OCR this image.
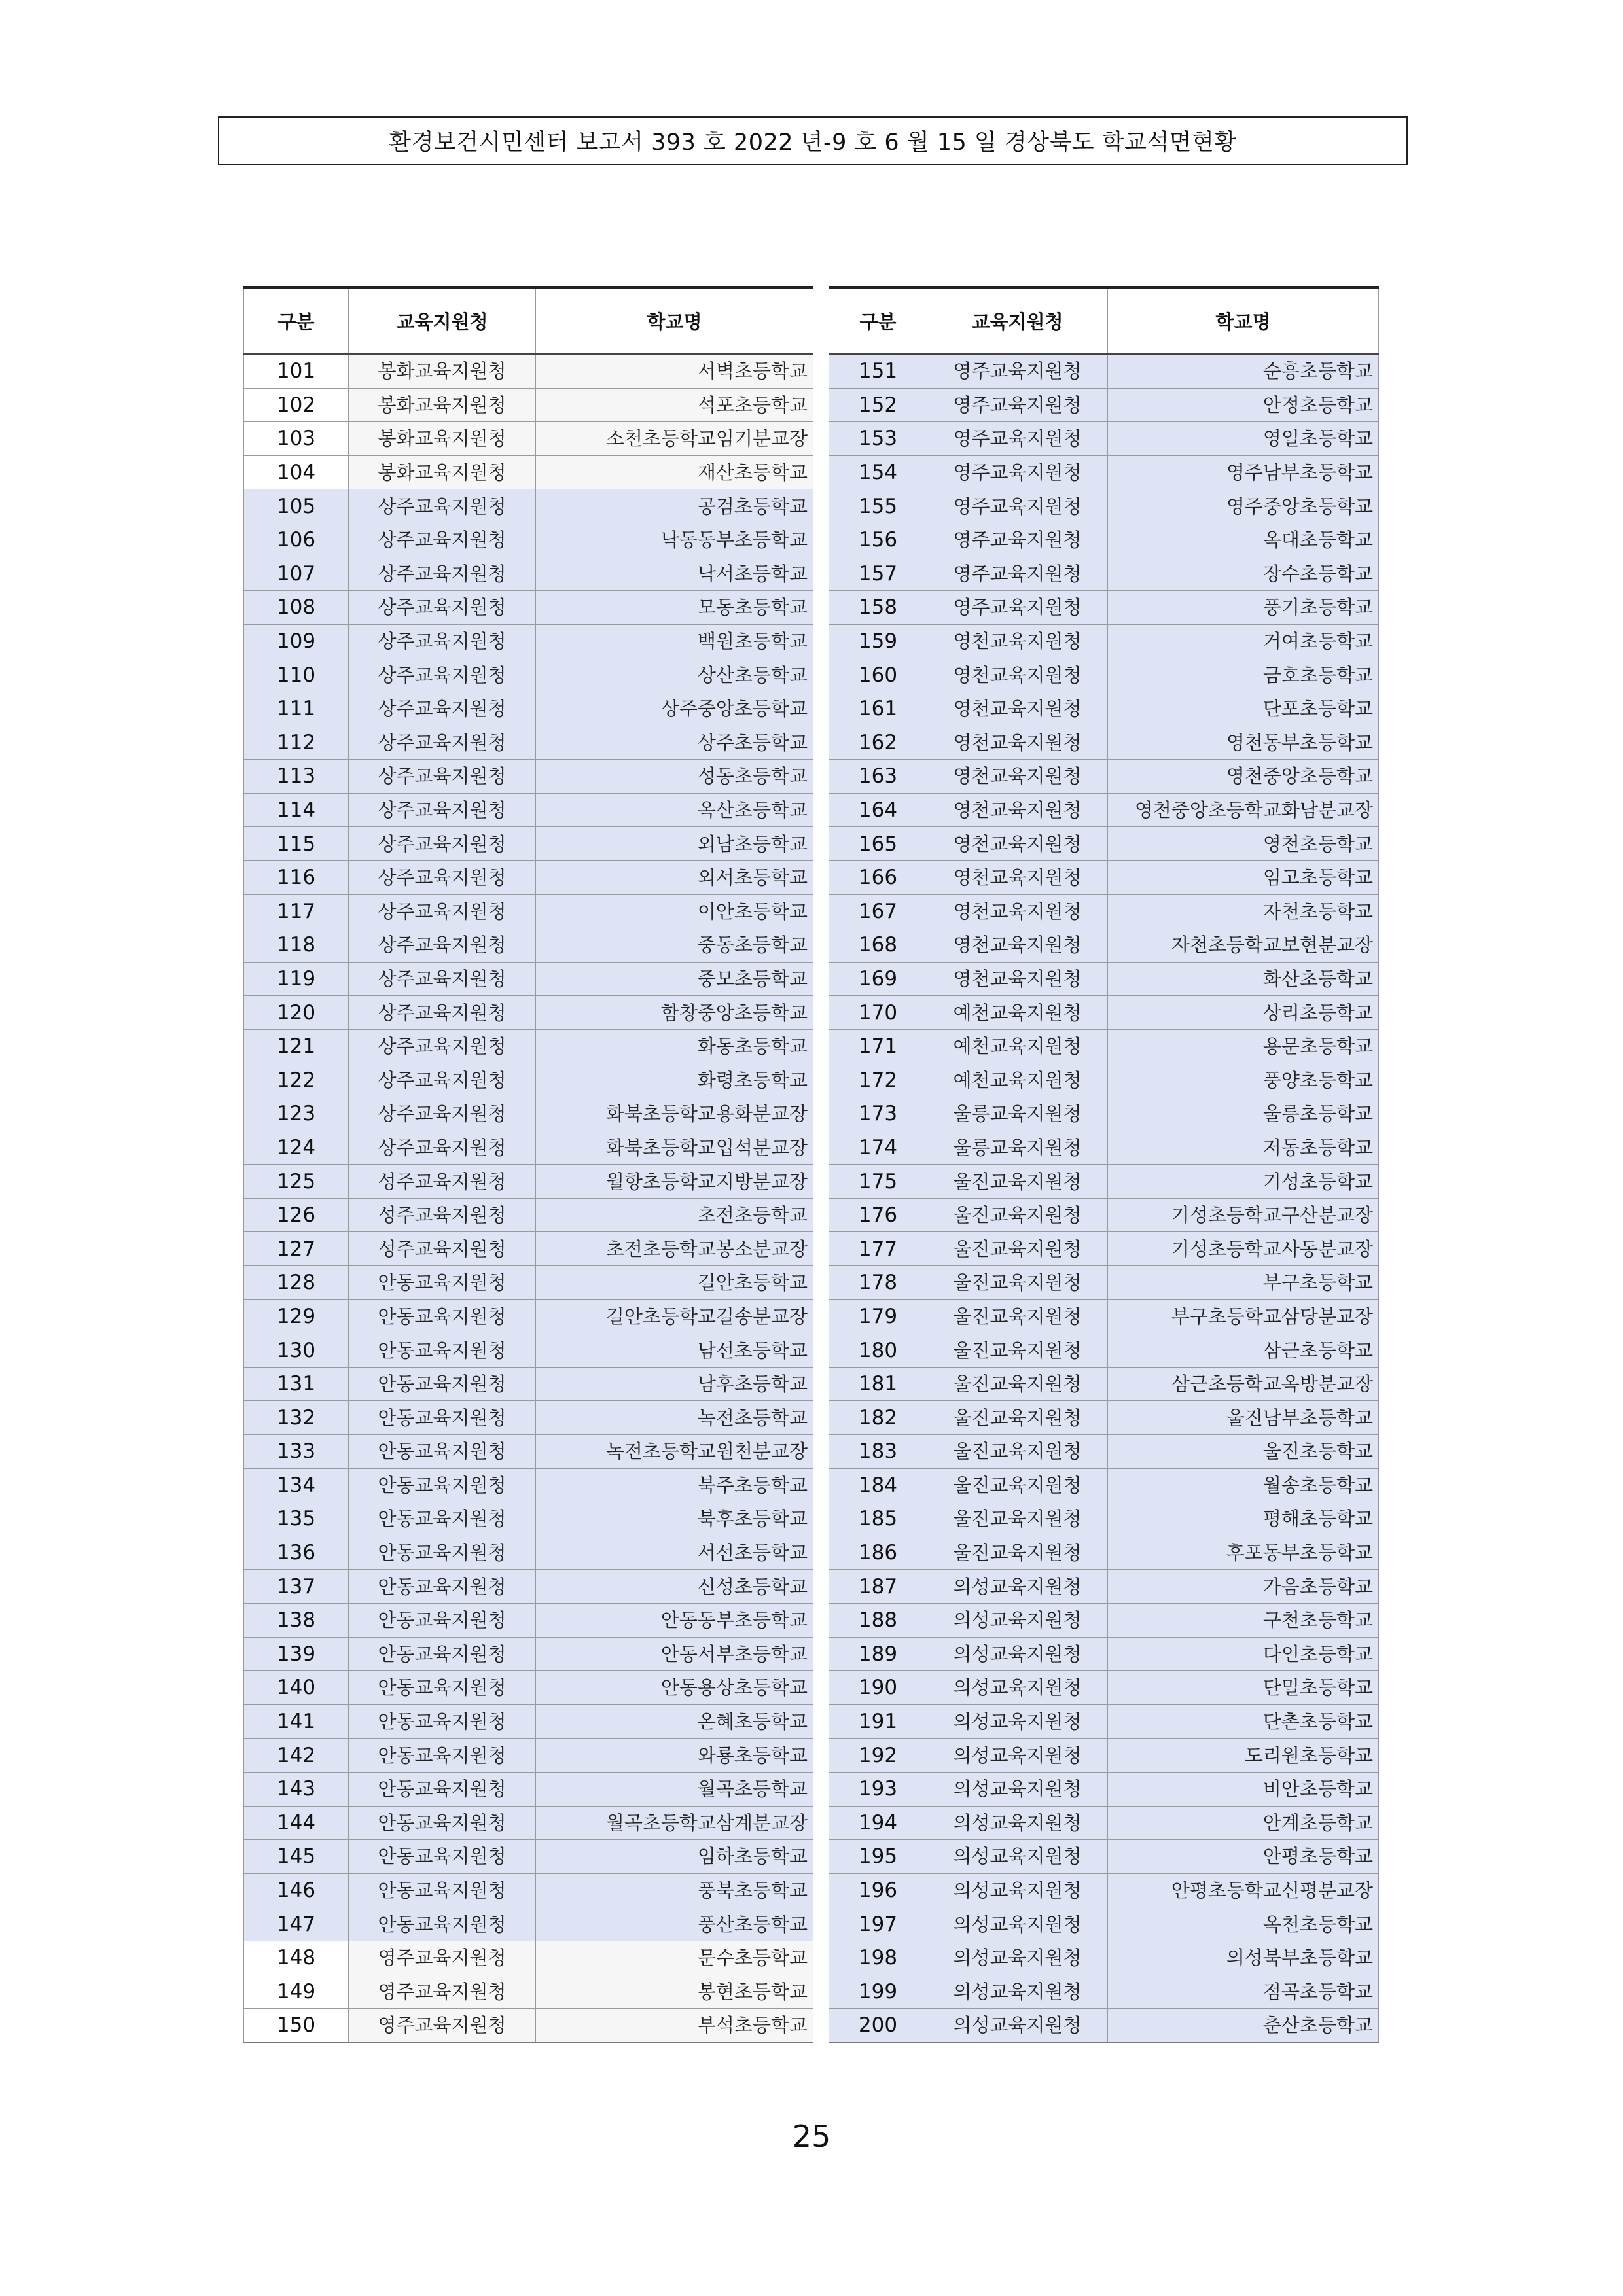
환경보건시민센터 보고서 393 호 2022 년-9 호 6 월 15 일 경상북도 학교석면현황
구분	교육지원청	학교명
101	봉화교육지원청	서벽초등학교
102	봉화교육지원청	석포초등학교
103	봉화교육지원청	소천초등학교임기분교장
104	봉화교육지원청	재산초등학교
105	상주교육지원청	공검초등학교
106	상주교육지원청	낙동동부초등학교
107	상주교육지원청	낙서초등학교
108	상주교육지원청	모동초등학교
109	상주교육지원청	백원초등학교
110	상주교육지원청	상산초등학교
111	상주교육지원청	상주중앙초등학교
112	상주교육지원청	상주초등학교
113	상주교육지원청	성동초등학교
114	상주교육지원청	옥산초등학교
115	상주교육지원청	외남초등학교
116	상주교육지원청	외서초등학교
117	상주교육지원청	이안초등학교
118	상주교육지원청	중동초등학교
119	상주교육지원청	중모초등학교
120	상주교육지원청	함창중앙초등학교
121	상주교육지원청	화동초등학교
122	상주교육지원청	화령초등학교
123	상주교육지원청	화북초등학교용화분교장
124	상주교육지원청	화북초등학교입석분교장
125	성주교육지원청	월항초등학교지방분교장
126	성주교육지원청	초전초등학교
127	성주교육지원청	초전초등학교봉소분교장
128	안동교육지원청	길안초등학교
129	안동교육지원청	길안초등학교길송분교장
130	안동교육지원청	남선초등학교
131	안동교육지원청	남후초등학교
132	안동교육지원청	녹전초등학교
133	안동교육지원청	녹전초등학교원천분교장
134	안동교육지원청	북주초등학교
135	안동교육지원청	북후초등학교
136	안동교육지원청	서선초등학교
137	안동교육지원청	신성초등학교
138	안동교육지원청	안동동부초등학교
139	안동교육지원청	안동서부초등학교
140	안동교육지원청	안동용상초등학교
141	안동교육지원청	온혜초등학교
142	안동교육지원청	와룡초등학교
143	안동교육지원청	월곡초등학교
144	안동교육지원청	월곡초등학교삼계분교장
145	안동교육지원청	임하초등학교
146	안동교육지원청	풍북초등학교
147	안동교육지원청	풍산초등학교
148	영주교육지원청	문수초등학교
149	영주교육지원청	봉현초등학교
150	영주교육지원청	부석초등학교
구분	교육지원청	학교명
151	영주교육지원청	순흥초등학교
152	영주교육지원청	안정초등학교
153	영주교육지원청	영일초등학교
154	영주교육지원청	영주남부초등학교
155	영주교육지원청	영주중앙초등학교
156	영주교육지원청	옥대초등학교
157	영주교육지원청	장수초등학교
158	영주교육지원청	풍기초등학교
159	영천교육지원청	거여초등학교
160	영천교육지원청	금호초등학교
161	영천교육지원청	단포초등학교
162	영천교육지원청	영천동부초등학교
163	영천교육지원청	영천중앙초등학교
164	영천교육지원청	영천중앙초등학교화남분교장
165	영천교육지원청	영천초등학교
166	영천교육지원청	임고초등학교
167	영천교육지원청	자천초등학교
168	영천교육지원청	자천초등학교보현분교장
169	영천교육지원청	화산초등학교
170	예천교육지원청	상리초등학교
171	예천교육지원청	용문초등학교
172	예천교육지원청	풍양초등학교
173	울릉교육지원청	울릉초등학교
174	울릉교육지원청	저동초등학교
175	울진교육지원청	기성초등학교
176	울진교육지원청	기성초등학교구산분교장
177	울진교육지원청	기성초등학교사동분교장
178	울진교육지원청	부구초등학교
179	울진교육지원청	부구초등학교삼당분교장
180	울진교육지원청	삼근초등학교
181	울진교육지원청	삼근초등학교옥방분교장
182	울진교육지원청	울진남부초등학교
183	울진교육지원청	울진초등학교
184	울진교육지원청	월송초등학교
185	울진교육지원청	평해초등학교
186	울진교육지원청	후포동부초등학교
187	의성교육지원청	가음초등학교
188	의성교육지원청	구천초등학교
189	의성교육지원청	다인초등학교
190	의성교육지원청	단밀초등학교
191	의성교육지원청	단촌초등학교
192	의성교육지원청	도리원초등학교
193	의성교육지원청	비안초등학교
194	의성교육지원청	안계초등학교
195	의성교육지원청	안평초등학교
196	의성교육지원청	안평초등학교신평분교장
197	의성교육지원청	옥천초등학교
198	의성교육지원청	의성북부초등학교
199	의성교육지원청	점곡초등학교
200	의성교육지원청	춘산초등학교
25
